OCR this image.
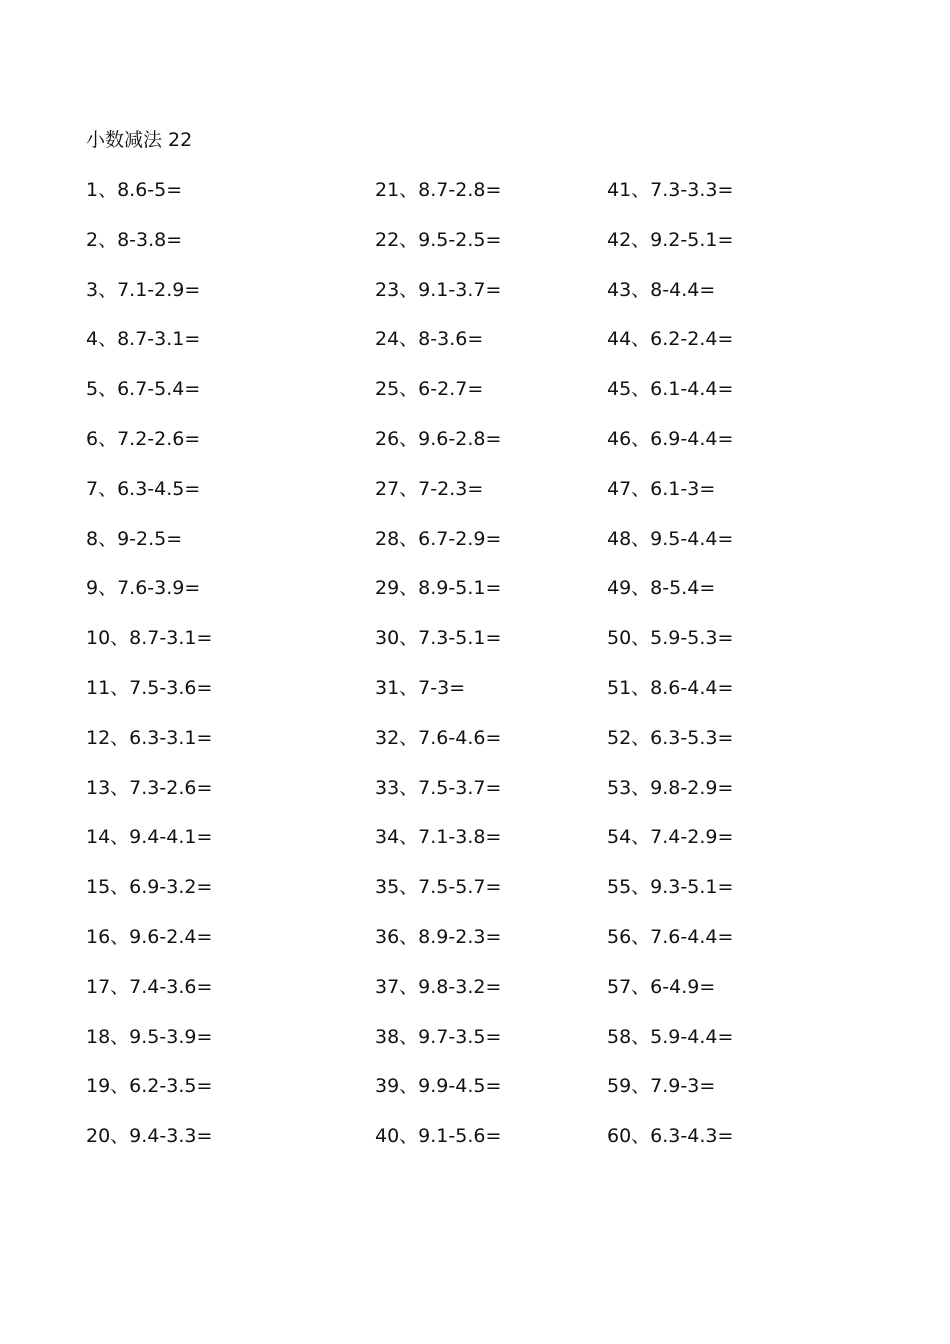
小数减法 22
1、8.6-5=
2、8-3.8=
3、7.1-2.9=
4、8.7-3.1=
5、6.7-5.4=
6、7.2-2.6=
7、6.3-4.5=
8、9-2.5=
9、7.6-3.9=
10、8.7-3.1=
11、7.5-3.6=
12、6.3-3.1=
13、7.3-2.6=
14、9.4-4.1=
15、6.9-3.2=
16、9.6-2.4=
17、7.4-3.6=
18、9.5-3.9=
19、6.2-3.5=
20、9.4-3.3=
21、8.7-2.8=
22、9.5-2.5=
23、9.1-3.7=
24、8-3.6=
25、6-2.7=
26、9.6-2.8=
27、7-2.3=
28、6.7-2.9=
29、8.9-5.1=
30、7.3-5.1=
31、7-3=
32、7.6-4.6=
33、7.5-3.7=
34、7.1-3.8=
35、7.5-5.7=
36、8.9-2.3=
37、9.8-3.2=
38、9.7-3.5=
39、9.9-4.5=
40、9.1-5.6=
41、7.3-3.3=
42、9.2-5.1=
43、8-4.4=
44、6.2-2.4=
45、6.1-4.4=
46、6.9-4.4=
47、6.1-3=
48、9.5-4.4=
49、8-5.4=
50、5.9-5.3=
51、8.6-4.4=
52、6.3-5.3=
53、9.8-2.9=
54、7.4-2.9=
55、9.3-5.1=
56、7.6-4.4=
57、6-4.9=
58、5.9-4.4=
59、7.9-3=
60、6.3-4.3=
